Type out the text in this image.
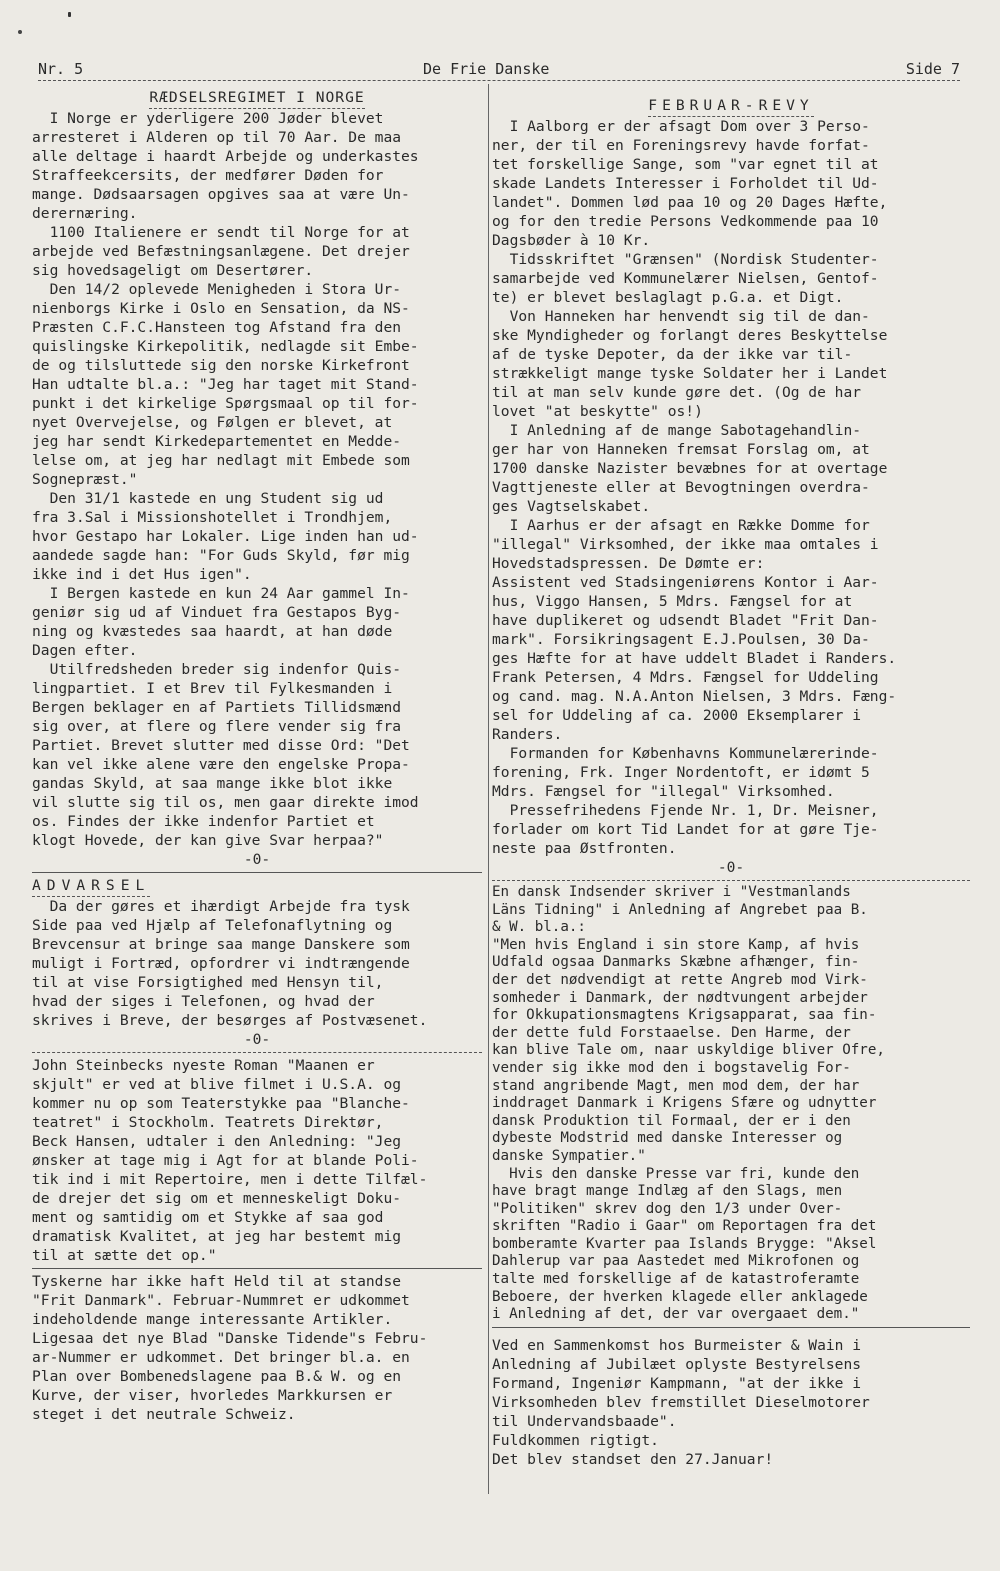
Nr. 5	De Frie Danske	Side 7
RÆDSELSREGIMET I NORGE

I Norge er yderligere 200 Jøder blevet

arresteret i Alderen op til 70 Aar. De maa

alle deltage i haardt Arbejde og underkastes

Straffeekcersits, der medfører Døden for

mange. Dødsaarsagen opgives saa at være Un-

derernæring.

1100 Italienere er sendt til Norge for at

arbejde ved Befæstningsanlægene. Det drejer

sig hovedsageligt om Desertører.

Den 14/2 oplevede Menigheden i Stora Ur-

nienborgs Kirke i Oslo en Sensation, da NS-

Præsten C.F.C.Hansteen tog Afstand fra den

quislingske Kirkepolitik, nedlagde sit Embe-

de og tilsluttede sig den norske Kirkefront

Han udtalte bl.a.: "Jeg har taget mit Stand-

punkt i det kirkelige Spørgsmaal op til for-

nyet Overvejelse, og Følgen er blevet, at

jeg har sendt Kirkedepartementet en Medde-

lelse om, at jeg har nedlagt mit Embede som

Sognepræst."

Den 31/1 kastede en ung Student sig ud

fra 3.Sal i Missionshotellet i Trondhjem,

hvor Gestapo har Lokaler. Lige inden han ud-

aandede sagde han: "For Guds Skyld, før mig

ikke ind i det Hus igen".

I Bergen kastede en kun 24 Aar gammel In-

geniør sig ud af Vinduet fra Gestapos Byg-

ning og kvæstedes saa haardt, at han døde

Dagen efter.

Utilfredsheden breder sig indenfor Quis-

lingpartiet. I et Brev til Fylkesmanden i

Bergen beklager en af Partiets Tillidsmænd

sig over, at flere og flere vender sig fra

Partiet. Brevet slutter med disse Ord: "Det

kan vel ikke alene være den engelske Propa-

gandas Skyld, at saa mange ikke blot ikke

vil slutte sig til os, men gaar direkte imod

os. Findes der ikke indenfor Partiet et

klogt Hovede, der kan give Svar herpaa?"

-0-
ADVARSEL

Da der gøres et ihærdigt Arbejde fra tysk

Side paa ved Hjælp af Telefonaflytning og

Brevcensur at bringe saa mange Danskere som

muligt i Fortræd, opfordrer vi indtrængende

til at vise Forsigtighed med Hensyn til,

hvad der siges i Telefonen, og hvad der

skrives i Breve, der besørges af Postvæsenet.

-0-

John Steinbecks nyeste Roman "Maanen er

skjult" er ved at blive filmet i U.S.A. og

kommer nu op som Teaterstykke paa "Blanche-

teatret" i Stockholm. Teatrets Direktør,

Beck Hansen, udtaler i den Anledning: "Jeg

ønsker at tage mig i Agt for at blande Poli-

tik ind i mit Repertoire, men i dette Tilfæl-

de drejer det sig om et menneskeligt Doku-

ment og samtidig om et Stykke af saa god

dramatisk Kvalitet, at jeg har bestemt mig

til at sætte det op."

Tyskerne har ikke haft Held til at standse

"Frit Danmark". Februar-Nummret er udkommet

indeholdende mange interessante Artikler.

Ligesaa det nye Blad "Danske Tidende"s Febru-

ar-Nummer er udkommet. Det bringer bl.a. en

Plan over Bombenedslagene paa B.& W. og en

Kurve, der viser, hvorledes Markkursen er

steget i det neutrale Schweiz.

FEBRUAR-REVY

I Aalborg er der afsagt Dom over 3 Perso-

ner, der til en Foreningsrevy havde forfat-

tet forskellige Sange, som "var egnet til at

skade Landets Interesser i Forholdet til Ud-

landet". Dommen lød paa 10 og 20 Dages Hæfte,

og for den tredie Persons Vedkommende paa 10

Dagsbøder à 10 Kr.

Tidsskriftet "Grænsen" (Nordisk Studenter-

samarbejde ved Kommunelærer Nielsen, Gentof-

te) er blevet beslaglagt p.G.a. et Digt.

Von Hanneken har henvendt sig til de dan-

ske Myndigheder og forlangt deres Beskyttelse

af de tyske Depoter, da der ikke var til-

strækkeligt mange tyske Soldater her i Landet

til at man selv kunde gøre det. (Og de har

lovet "at beskytte" os!)

I Anledning af de mange Sabotagehandlin-

ger har von Hanneken fremsat Forslag om, at

1700 danske Nazister bevæbnes for at overtage

Vagttjeneste eller at Bevogtningen overdra-

ges Vagtselskabet.

I Aarhus er der afsagt en Række Domme for

"illegal" Virksomhed, der ikke maa omtales i

Hovedstadspressen. De Dømte er:

Assistent ved Stadsingeniørens Kontor i Aar-

hus, Viggo Hansen, 5 Mdrs. Fængsel for at

have duplikeret og udsendt Bladet "Frit Dan-

mark". Forsikringsagent E.J.Poulsen, 30 Da-

ges Hæfte for at have uddelt Bladet i Randers.

Frank Petersen, 4 Mdrs. Fængsel for Uddeling

og cand. mag. N.A.Anton Nielsen, 3 Mdrs. Fæng-

sel for Uddeling af ca. 2000 Eksemplarer i

Randers.

Formanden for Københavns Kommunelærerinde-

forening, Frk. Inger Nordentoft, er idømt 5

Mdrs. Fængsel for "illegal" Virksomhed.

Pressefrihedens Fjende Nr. 1, Dr. Meisner,

forlader om kort Tid Landet for at gøre Tje-

neste paa Østfronten.

-0-

En dansk Indsender skriver i "Vestmanlands

Läns Tidning" i Anledning af Angrebet paa B.

& W. bl.a.:

"Men hvis England i sin store Kamp, af hvis

Udfald ogsaa Danmarks Skæbne afhænger, fin-

der det nødvendigt at rette Angreb mod Virk-

somheder i Danmark, der nødtvungent arbejder

for Okkupationsmagtens Krigsapparat, saa fin-

der dette fuld Forstaaelse. Den Harme, der

kan blive Tale om, naar uskyldige bliver Ofre,

vender sig ikke mod den i bogstavelig For-

stand angribende Magt, men mod dem, der har

inddraget Danmark i Krigens Sfære og udnytter

dansk Produktion til Formaal, der er i den

dybeste Modstrid med danske Interesser og

danske Sympatier."

Hvis den danske Presse var fri, kunde den

have bragt mange Indlæg af den Slags, men

"Politiken" skrev dog den 1/3 under Over-

skriften "Radio i Gaar" om Reportagen fra det

bomberamte Kvarter paa Islands Brygge: "Aksel

Dahlerup var paa Aastedet med Mikrofonen og

talte med forskellige af de katastroferamte

Beboere, der hverken klagede eller anklagede

i Anledning af det, der var overgaaet dem."

Ved en Sammenkomst hos Burmeister & Wain i

Anledning af Jubilæet oplyste Bestyrelsens

Formand, Ingeniør Kampmann, "at der ikke i

Virksomheden blev fremstillet Dieselmotorer

til Undervandsbaade".

Fuldkommen rigtigt.

Det blev standset den 27.Januar!
